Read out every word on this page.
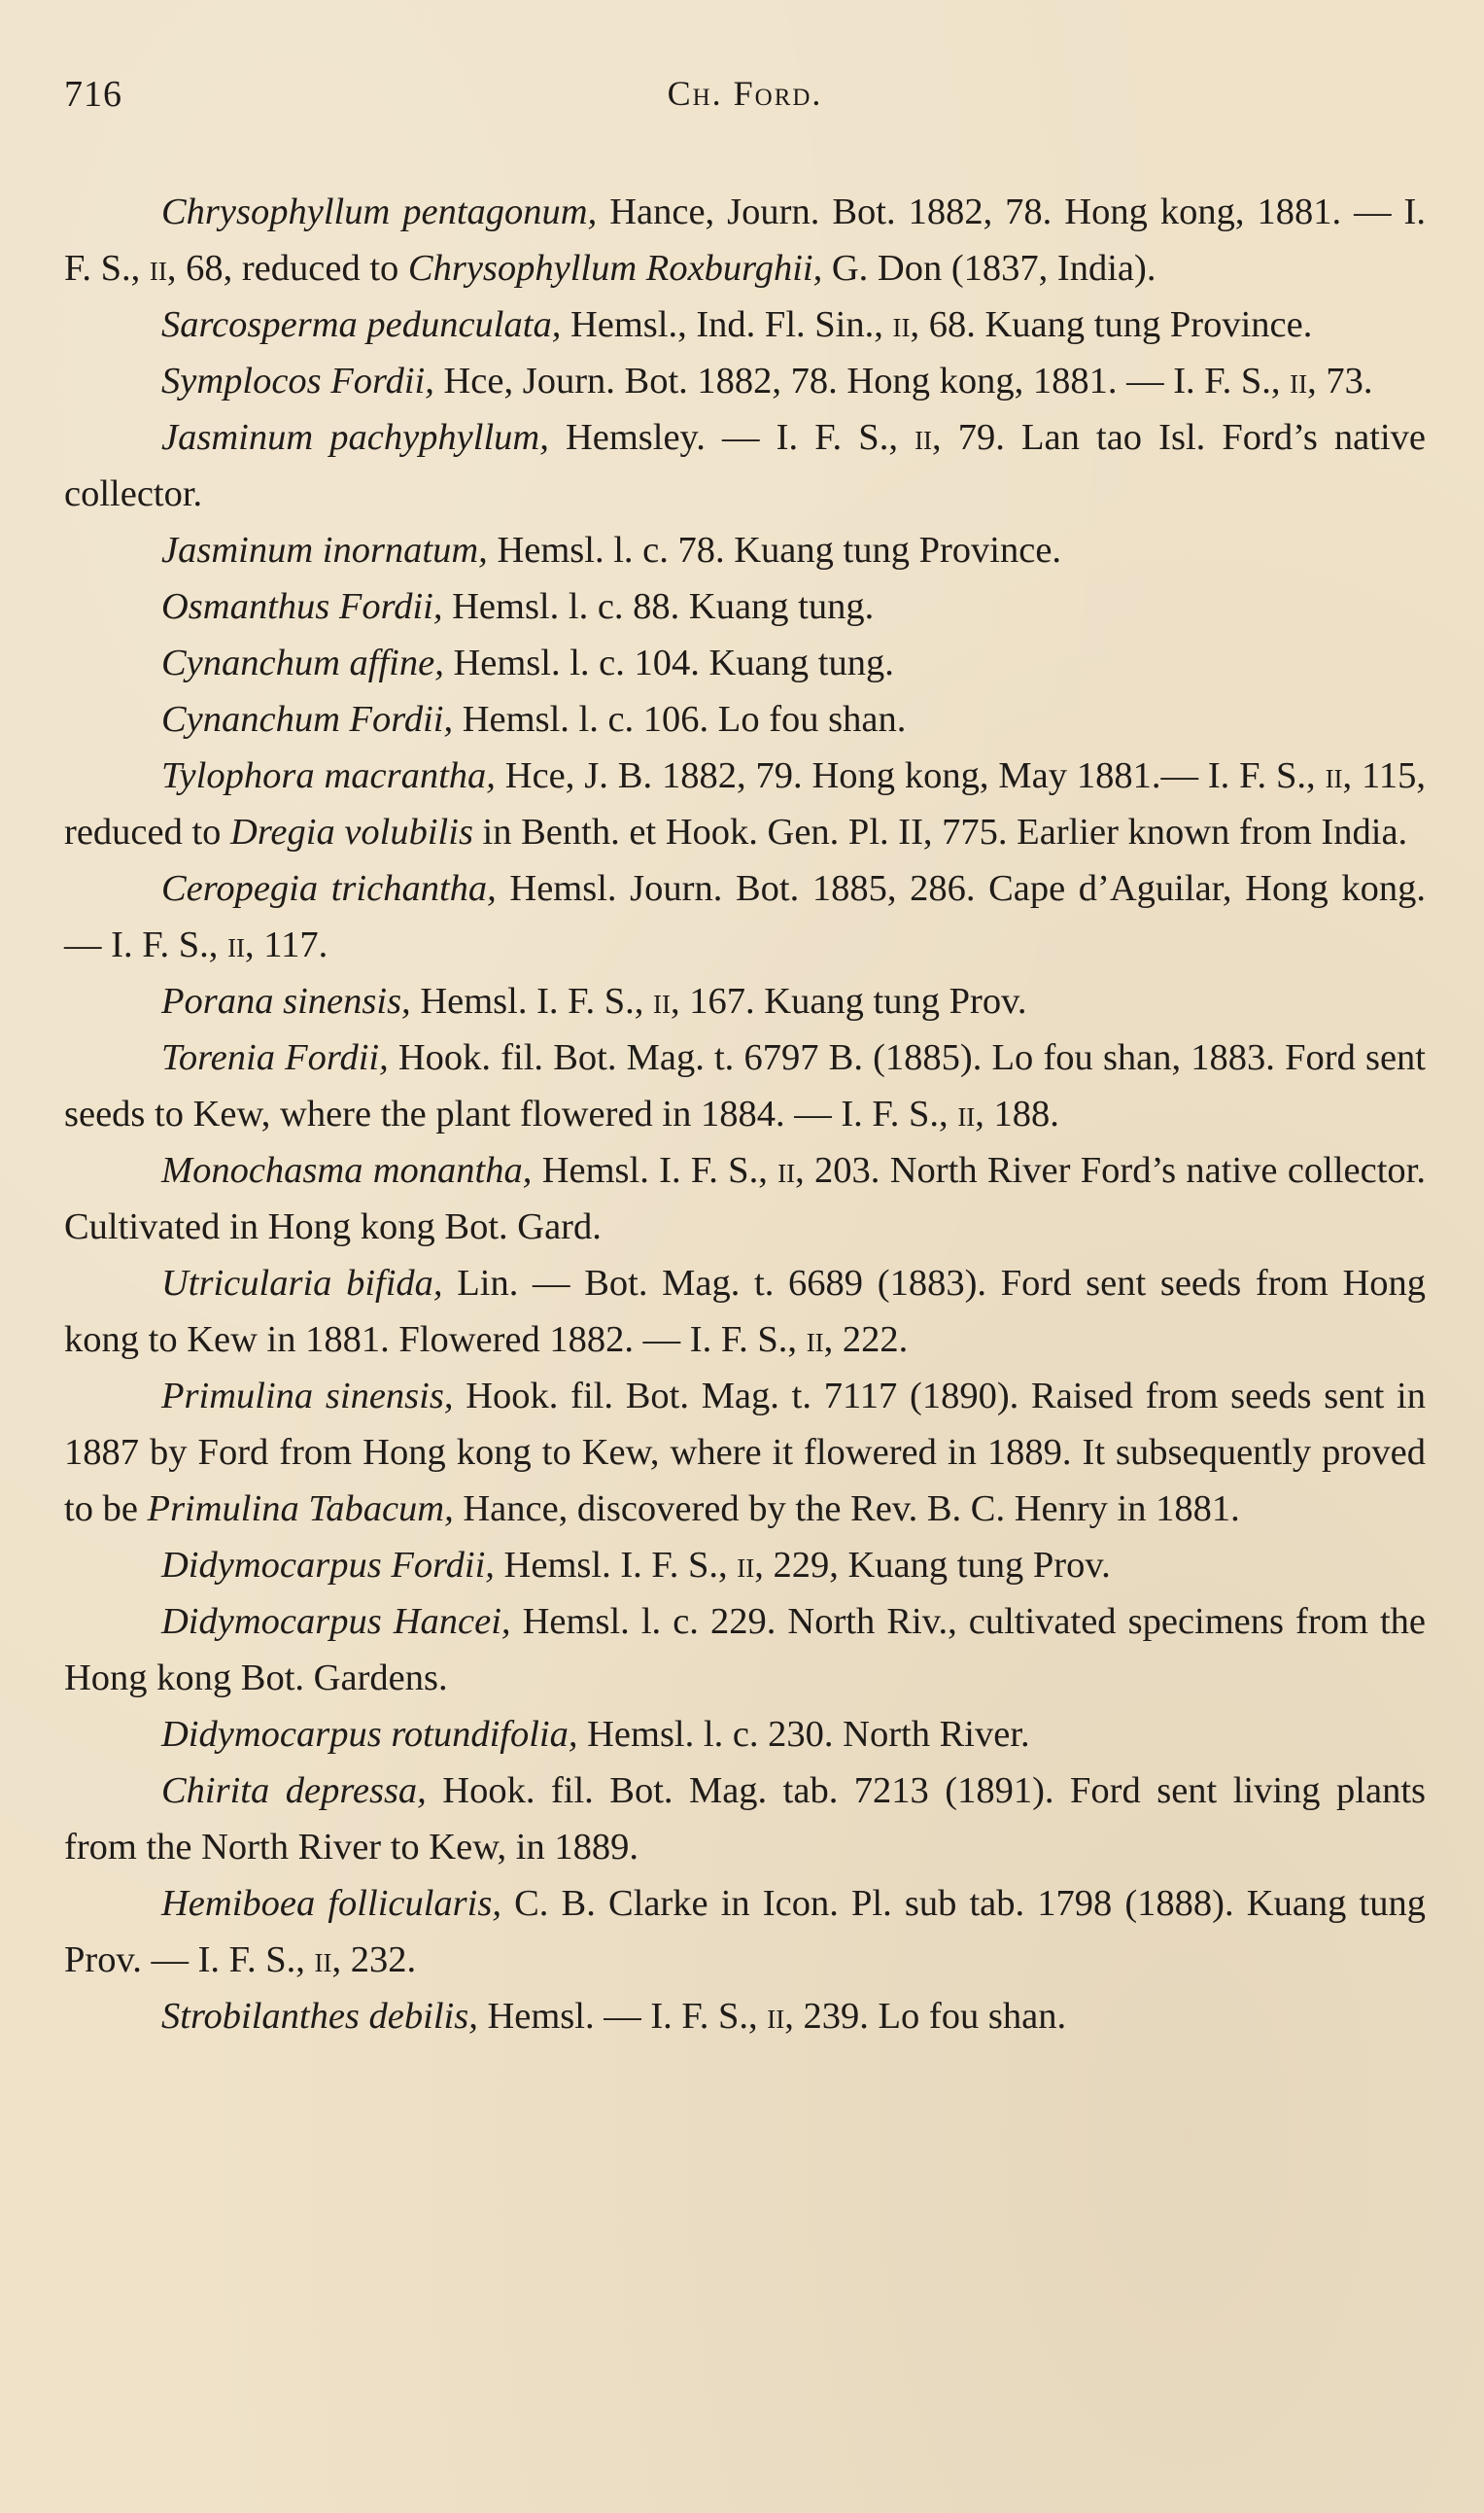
716	Ch. Ford.

Chrysophyllum pentagonum, Hance, Journ. Bot. 1882, 78. Hong kong, 1881. — I. F. S., ii, 68, reduced to Chrysophyllum Roxburghii, G. Don (1837, India).

Sarcosperma pedunculata, Hemsl., Ind. Fl. Sin., ii, 68. Kuang tung Province.

Symplocos Fordii, Hce, Journ. Bot. 1882, 78. Hong kong, 1881. — I. F. S., ii, 73.

Jasminum pachyphyllum, Hemsley. — I. F. S., ii, 79. Lan tao Isl. Ford’s native collector.

Jasminum inornatum, Hemsl. l. c. 78. Kuang tung Province.

Osmanthus Fordii, Hemsl. l. c. 88. Kuang tung.

Cynanchum affine, Hemsl. l. c. 104. Kuang tung.

Cynanchum Fordii, Hemsl. l. c. 106. Lo fou shan.

Tylophora macrantha, Hce, J. B. 1882, 79. Hong kong, May 1881.— I. F. S., ii, 115, reduced to Dregia volubilis in Benth. et Hook. Gen. Pl. II, 775. Earlier known from India.

Ceropegia trichantha, Hemsl. Journ. Bot. 1885, 286. Cape d’Aguilar, Hong kong. — I. F. S., ii, 117.

Porana sinensis, Hemsl. I. F. S., ii, 167. Kuang tung Prov.

Torenia Fordii, Hook. fil. Bot. Mag. t. 6797 B. (1885). Lo fou shan, 1883. Ford sent seeds to Kew, where the plant flowered in 1884. — I. F. S., ii, 188.

Monochasma monantha, Hemsl. I. F. S., ii, 203. North River Ford’s native collector. Cultivated in Hong kong Bot. Gard.

Utricularia bifida, Lin. — Bot. Mag. t. 6689 (1883). Ford sent seeds from Hong kong to Kew in 1881. Flowered 1882. — I. F. S., ii, 222.

Primulina sinensis, Hook. fil. Bot. Mag. t. 7117 (1890). Raised from seeds sent in 1887 by Ford from Hong kong to Kew, where it flowered in 1889. It subsequently proved to be Primulina Tabacum, Hance, discovered by the Rev. B. C. Henry in 1881.

Didymocarpus Fordii, Hemsl. I. F. S., ii, 229, Kuang tung Prov.

Didymocarpus Hancei, Hemsl. l. c. 229. North Riv., cultivated specimens from the Hong kong Bot. Gardens.

Didymocarpus rotundifolia, Hemsl. l. c. 230. North River.

Chirita depressa, Hook. fil. Bot. Mag. tab. 7213 (1891). Ford sent living plants from the North River to Kew, in 1889.

Hemiboea follicularis, C. B. Clarke in Icon. Pl. sub tab. 1798 (1888). Kuang tung Prov. — I. F. S., ii, 232.

Strobilanthes debilis, Hemsl. — I. F. S., ii, 239. Lo fou shan.
